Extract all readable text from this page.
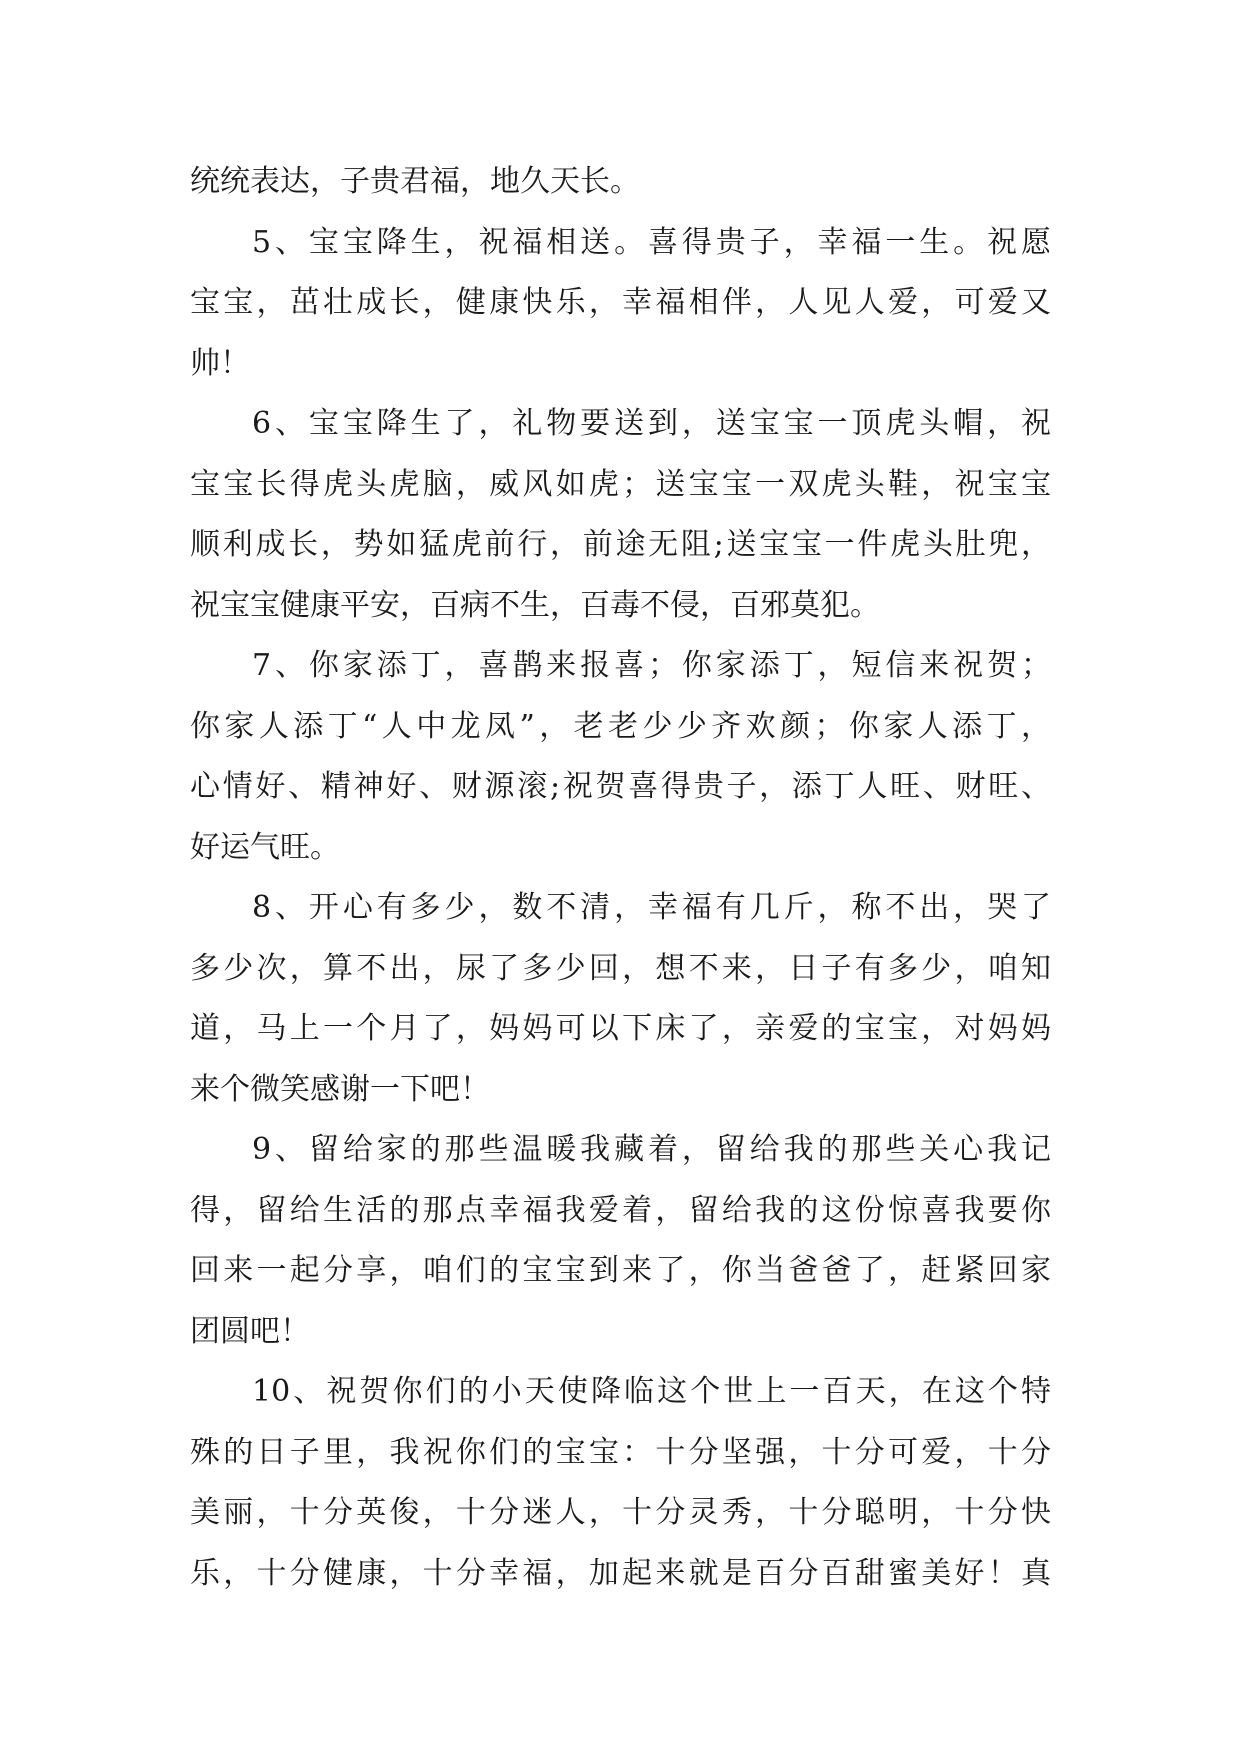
统统表达，子贵君福，地久天长。
5、宝宝降生，祝福相送。喜得贵子，幸福一生。祝愿
宝宝，茁壮成长，健康快乐，幸福相伴，人见人爱，可爱又
帅！
6、宝宝降生了，礼物要送到，送宝宝一顶虎头帽，祝
宝宝长得虎头虎脑，威风如虎；送宝宝一双虎头鞋，祝宝宝
顺利成长，势如猛虎前行，前途无阻;送宝宝一件虎头肚兜，
祝宝宝健康平安，百病不生，百毒不侵，百邪莫犯。
7、你家添丁，喜鹊来报喜；你家添丁，短信来祝贺；
你家人添丁“人中龙凤”，老老少少齐欢颜；你家人添丁，
心情好、精神好、财源滚;祝贺喜得贵子，添丁人旺、财旺、
好运气旺。
8、开心有多少，数不清，幸福有几斤，称不出，哭了
多少次，算不出，尿了多少回，想不来，日子有多少，咱知
道，马上一个月了，妈妈可以下床了，亲爱的宝宝，对妈妈
来个微笑感谢一下吧！
9、留给家的那些温暖我藏着，留给我的那些关心我记
得，留给生活的那点幸福我爱着，留给我的这份惊喜我要你
回来一起分享，咱们的宝宝到来了，你当爸爸了，赶紧回家
团圆吧！
10、祝贺你们的小天使降临这个世上一百天，在这个特
殊的日子里，我祝你们的宝宝：十分坚强，十分可爱，十分
美丽，十分英俊，十分迷人，十分灵秀，十分聪明，十分快
乐，十分健康，十分幸福，加起来就是百分百甜蜜美好！真
